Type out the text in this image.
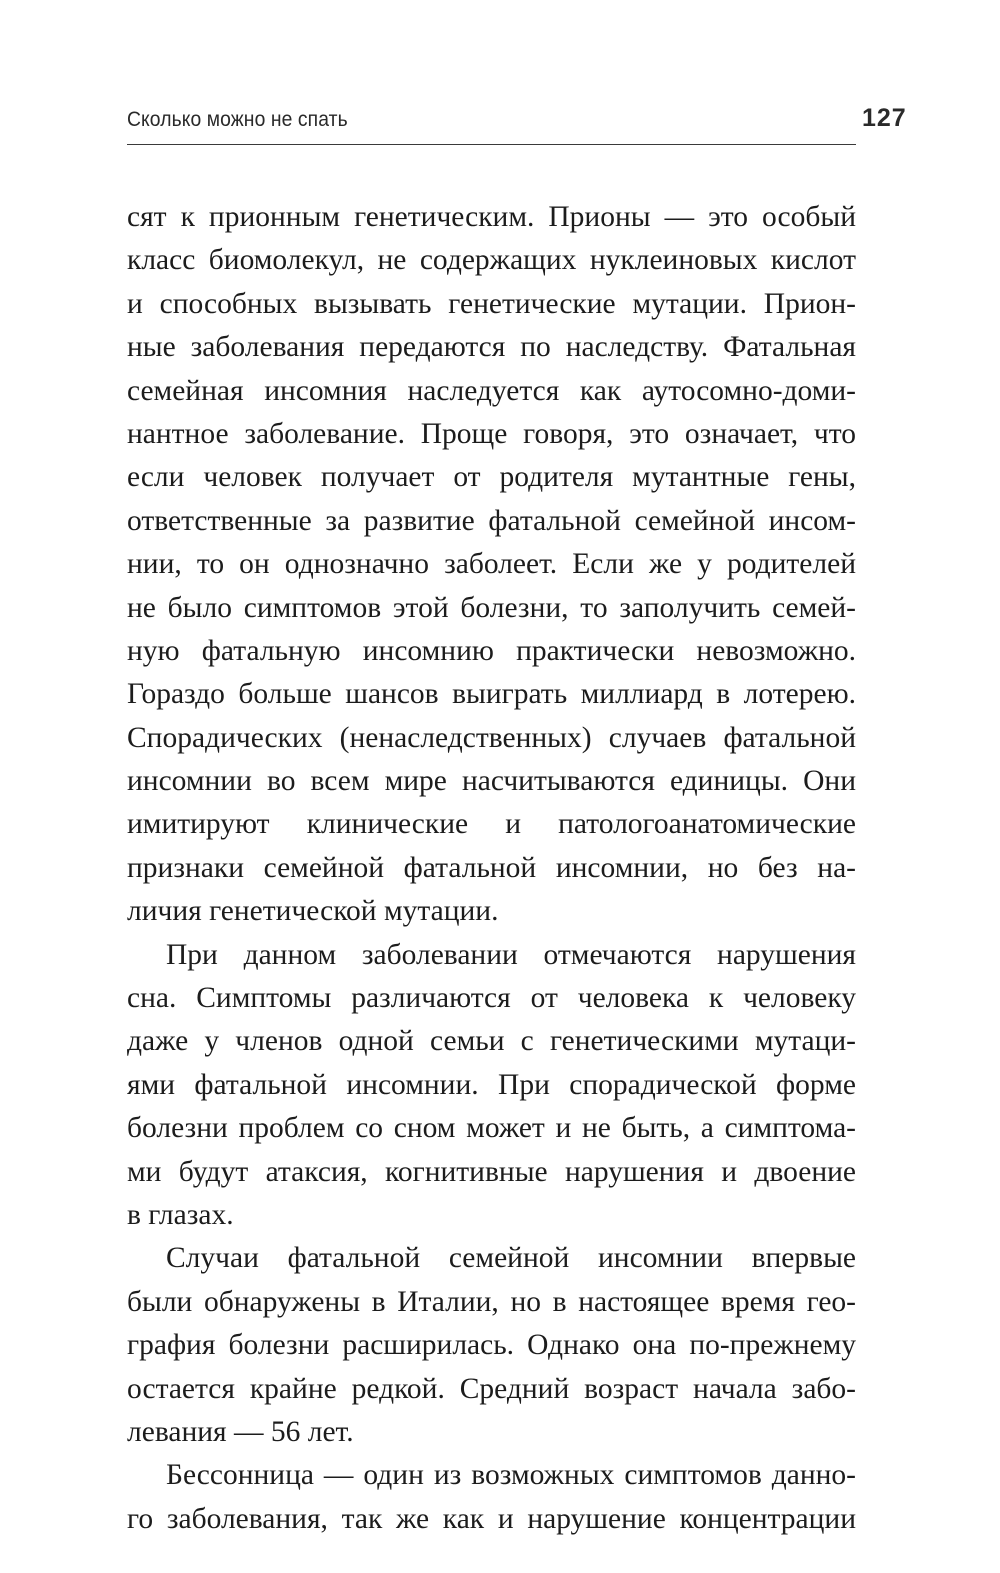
Сколько можно не спать	127
сят к прионным генетическим. Прионы — это особый
класс биомолекул, не содержащих нуклеиновых кислот
и способных вызывать генетические мутации. Прион-
ные заболевания передаются по наследству. Фатальная
семейная инсомния наследуется как аутосомно-доми-
нантное заболевание. Проще говоря, это означает, что
если человек получает от родителя мутантные гены,
ответственные за развитие фатальной семейной инсом-
нии, то он однозначно заболеет. Если же у родителей
не было симптомов этой болезни, то заполучить семей-
ную фатальную инсомнию практически невозможно.
Гораздо больше шансов выиграть миллиард в лотерею.
Спорадических (ненаследственных) случаев фатальной
инсомнии во всем мире насчитываются единицы. Они
имитируют клинические и патологоанатомические
признаки семейной фатальной инсомнии, но без на-
личия генетической мутации.
При данном заболевании отмечаются нарушения
сна. Симптомы различаются от человека к человеку
даже у членов одной семьи с генетическими мутаци-
ями фатальной инсомнии. При спорадической форме
болезни проблем со сном может и не быть, а симптома-
ми будут атаксия, когнитивные нарушения и двоение
в глазах.
Случаи фатальной семейной инсомнии впервые
были обнаружены в Италии, но в настоящее время гео-
графия болезни расширилась. Однако она по-прежнему
остается крайне редкой. Средний возраст начала забо-
левания — 56 лет.
Бессонница — один из возможных симптомов данно-
го заболевания, так же как и нарушение концентрации
